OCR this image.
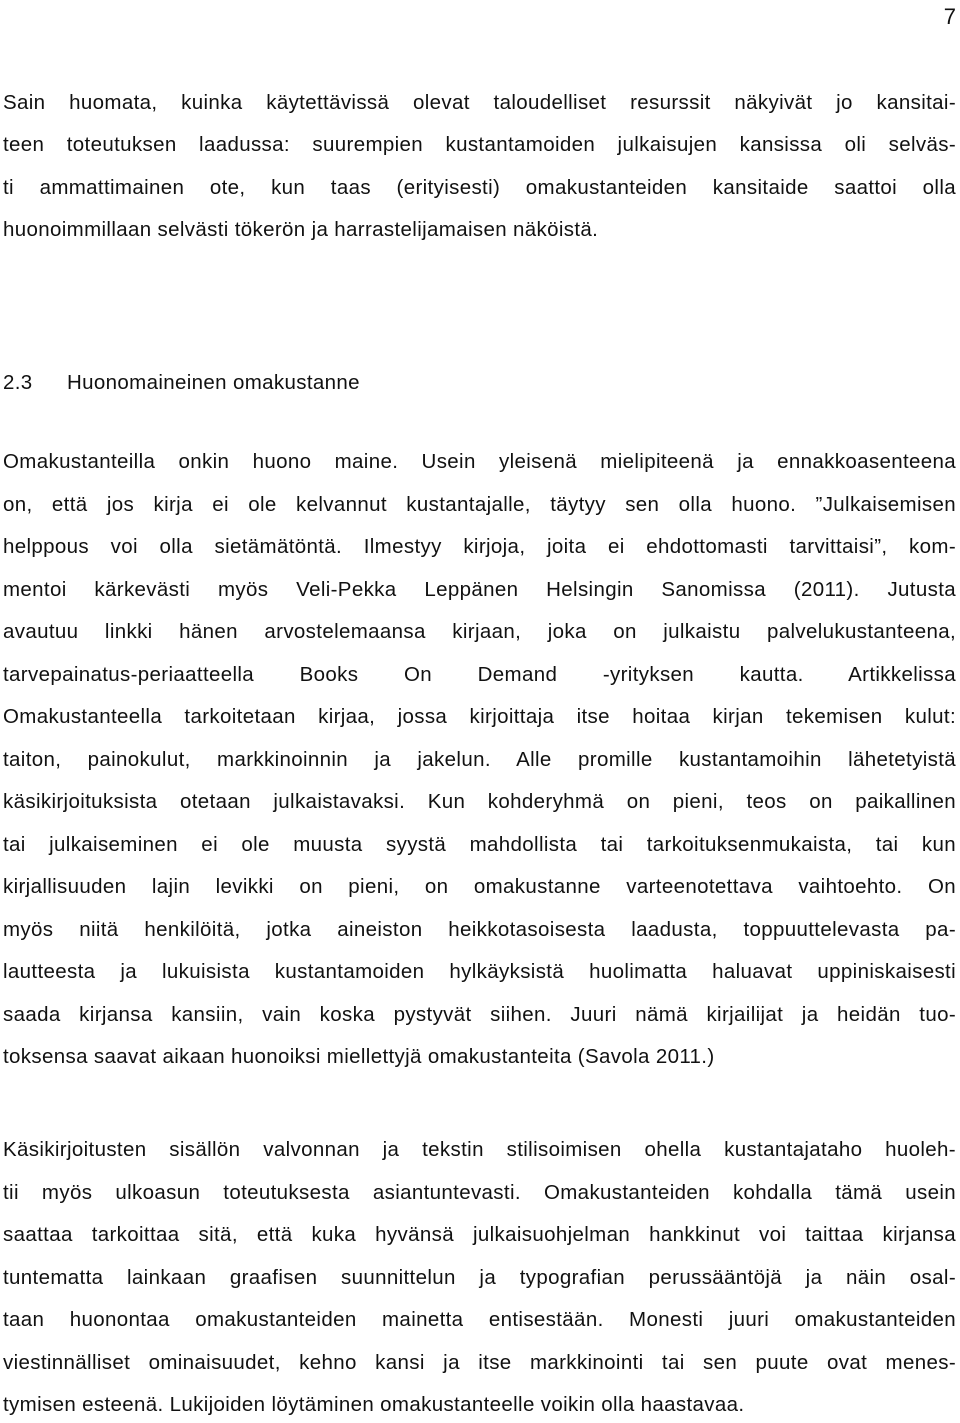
7
Sain huomata, kuinka käytettävissä olevat taloudelliset resurssit näkyivät jo kansitai-
teen toteutuksen laadussa: suurempien kustantamoiden julkaisujen kansissa oli selväs-
ti ammattimainen ote, kun taas (erityisesti) omakustanteiden kansitaide saattoi olla
huonoimmillaan selvästi tökerön ja harrastelijamaisen näköistä.
2.3 Huonomaineinen omakustanne
Omakustanteilla onkin huono maine. Usein yleisenä mielipiteenä ja ennakkoasenteena
on, että jos kirja ei ole kelvannut kustantajalle, täytyy sen olla huono. ”Julkaisemisen
helppous voi olla sietämätöntä. Ilmestyy kirjoja, joita ei ehdottomasti tarvittaisi”, kom-
mentoi kärkevästi myös Veli-Pekka Leppänen Helsingin Sanomissa (2011). Jutusta
avautuu linkki hänen arvostelemaansa kirjaan, joka on julkaistu palvelukustanteena,
tarvepainatus-periaatteella Books On Demand -yrityksen kautta. Artikkelissa
Omakustanteella tarkoitetaan kirjaa, jossa kirjoittaja itse hoitaa kirjan tekemisen kulut:
taiton, painokulut, markkinoinnin ja jakelun. Alle promille kustantamoihin lähetetyistä
käsikirjoituksista otetaan julkaistavaksi. Kun kohderyhmä on pieni, teos on paikallinen
tai julkaiseminen ei ole muusta syystä mahdollista tai tarkoituksenmukaista, tai kun
kirjallisuuden lajin levikki on pieni, on omakustanne varteenotettava vaihtoehto. On
myös niitä henkilöitä, jotka aineiston heikkotasoisesta laadusta, toppuuttelevasta pa-
lautteesta ja lukuisista kustantamoiden hylkäyksistä huolimatta haluavat uppiniskaisesti
saada kirjansa kansiin, vain koska pystyvät siihen. Juuri nämä kirjailijat ja heidän tuo-
toksensa saavat aikaan huonoiksi miellettyjä omakustanteita (Savola 2011.)
Käsikirjoitusten sisällön valvonnan ja tekstin stilisoimisen ohella kustantajataho huoleh-
tii myös ulkoasun toteutuksesta asiantuntevasti. Omakustanteiden kohdalla tämä usein
saattaa tarkoittaa sitä, että kuka hyvänsä julkaisuohjelman hankkinut voi taittaa kirjansa
tuntematta lainkaan graafisen suunnittelun ja typografian perussääntöjä ja näin osal-
taan huonontaa omakustanteiden mainetta entisestään. Monesti juuri omakustanteiden
viestinnälliset ominaisuudet, kehno kansi ja itse markkinointi tai sen puute ovat menes-
tymisen esteenä. Lukijoiden löytäminen omakustanteelle voikin olla haastavaa.
